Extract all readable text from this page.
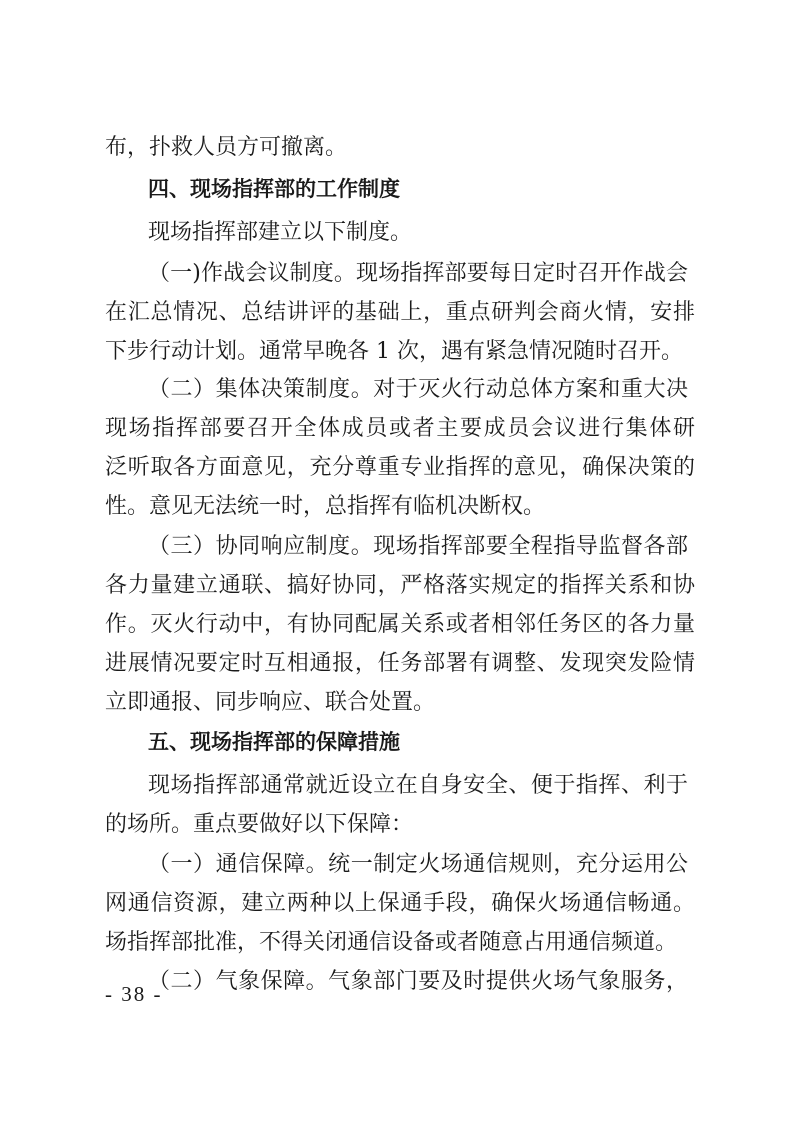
布，扑救人员方可撤离。
四、现场指挥部的工作制度
现场指挥部建立以下制度。
（一)作战会议制度。现场指挥部要每日定时召开作战会
在汇总情况、总结讲评的基础上，重点研判会商火情，安排
下步行动计划。通常早晚各 1 次，遇有紧急情况随时召开。
（二）集体决策制度。对于灭火行动总体方案和重大决
现场指挥部要召开全体成员或者主要成员会议进行集体研
泛听取各方面意见，充分尊重专业指挥的意见，确保决策的
性。意见无法统一时，总指挥有临机决断权。
（三）协同响应制度。现场指挥部要全程指导监督各部
各力量建立通联、搞好协同，严格落实规定的指挥关系和协
作。灭火行动中，有协同配属关系或者相邻任务区的各力量
进展情况要定时互相通报，任务部署有调整、发现突发险情
立即通报、同步响应、联合处置。
五、现场指挥部的保障措施
现场指挥部通常就近设立在自身安全、便于指挥、利于
的场所。重点要做好以下保障：
（一）通信保障。统一制定火场通信规则，充分运用公
网通信资源，建立两种以上保通手段，确保火场通信畅通。
场指挥部批准，不得关闭通信设备或者随意占用通信频道。
（二）气象保障。气象部门要及时提供火场气象服务，
- 38 -
